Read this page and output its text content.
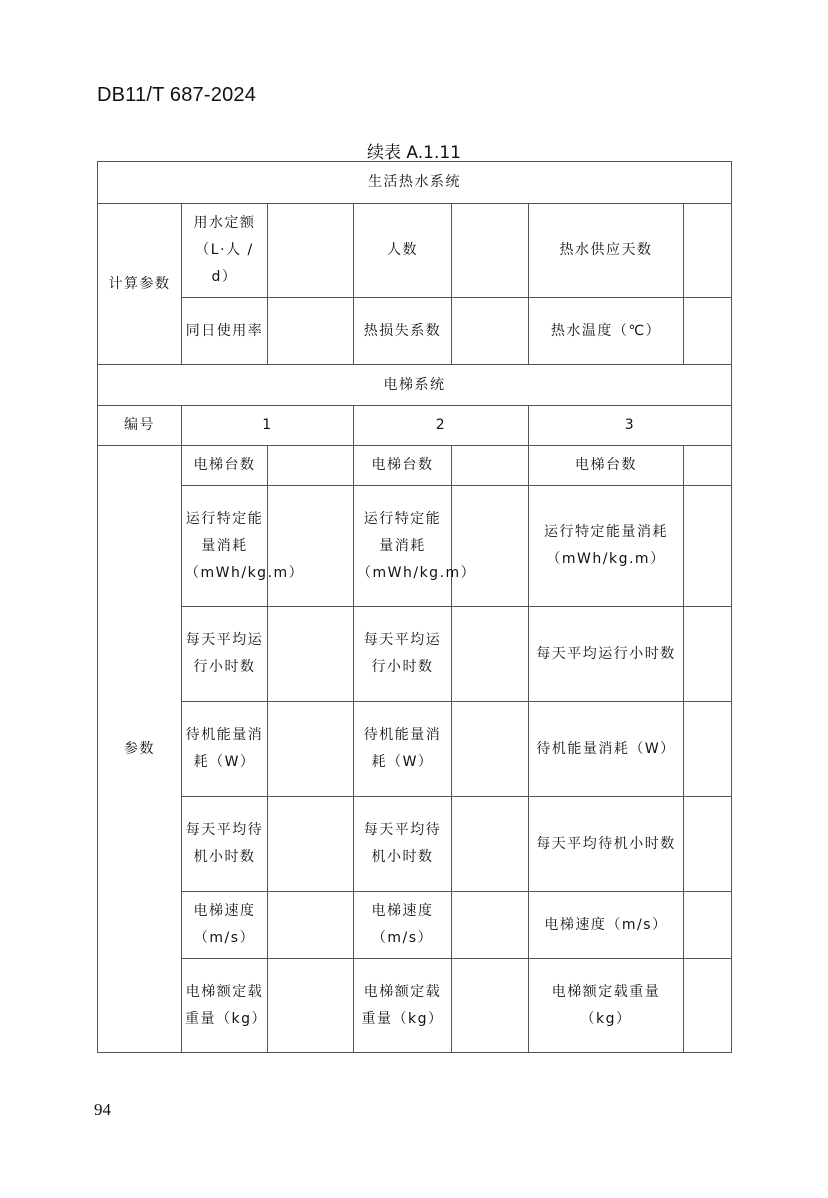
DB11/T 687-2024
续表 A.1.11
生活热水系统						
计算参数	用水定额（L·人 / d）		人数		热水供应天数	
	同日使用率		热损失系数		热水温度（℃）	
电梯系统						
编号	1		2		3	
参数	电梯台数		电梯台数		电梯台数	
	运行特定能量消耗（mWh/kg.m）		运行特定能量消耗（mWh/kg.m）		运行特定能量消耗（mWh/kg.m）	
	每天平均运行小时数		每天平均运行小时数		每天平均运行小时数	
	待机能量消耗（W）		待机能量消耗（W）		待机能量消耗（W）	
	每天平均待机小时数		每天平均待机小时数		每天平均待机小时数	
	电梯速度（m/s）		电梯速度（m/s）		电梯速度（m/s）	
	电梯额定载重量（kg）		电梯额定载重量（kg）		电梯额定载重量（kg）	
94
